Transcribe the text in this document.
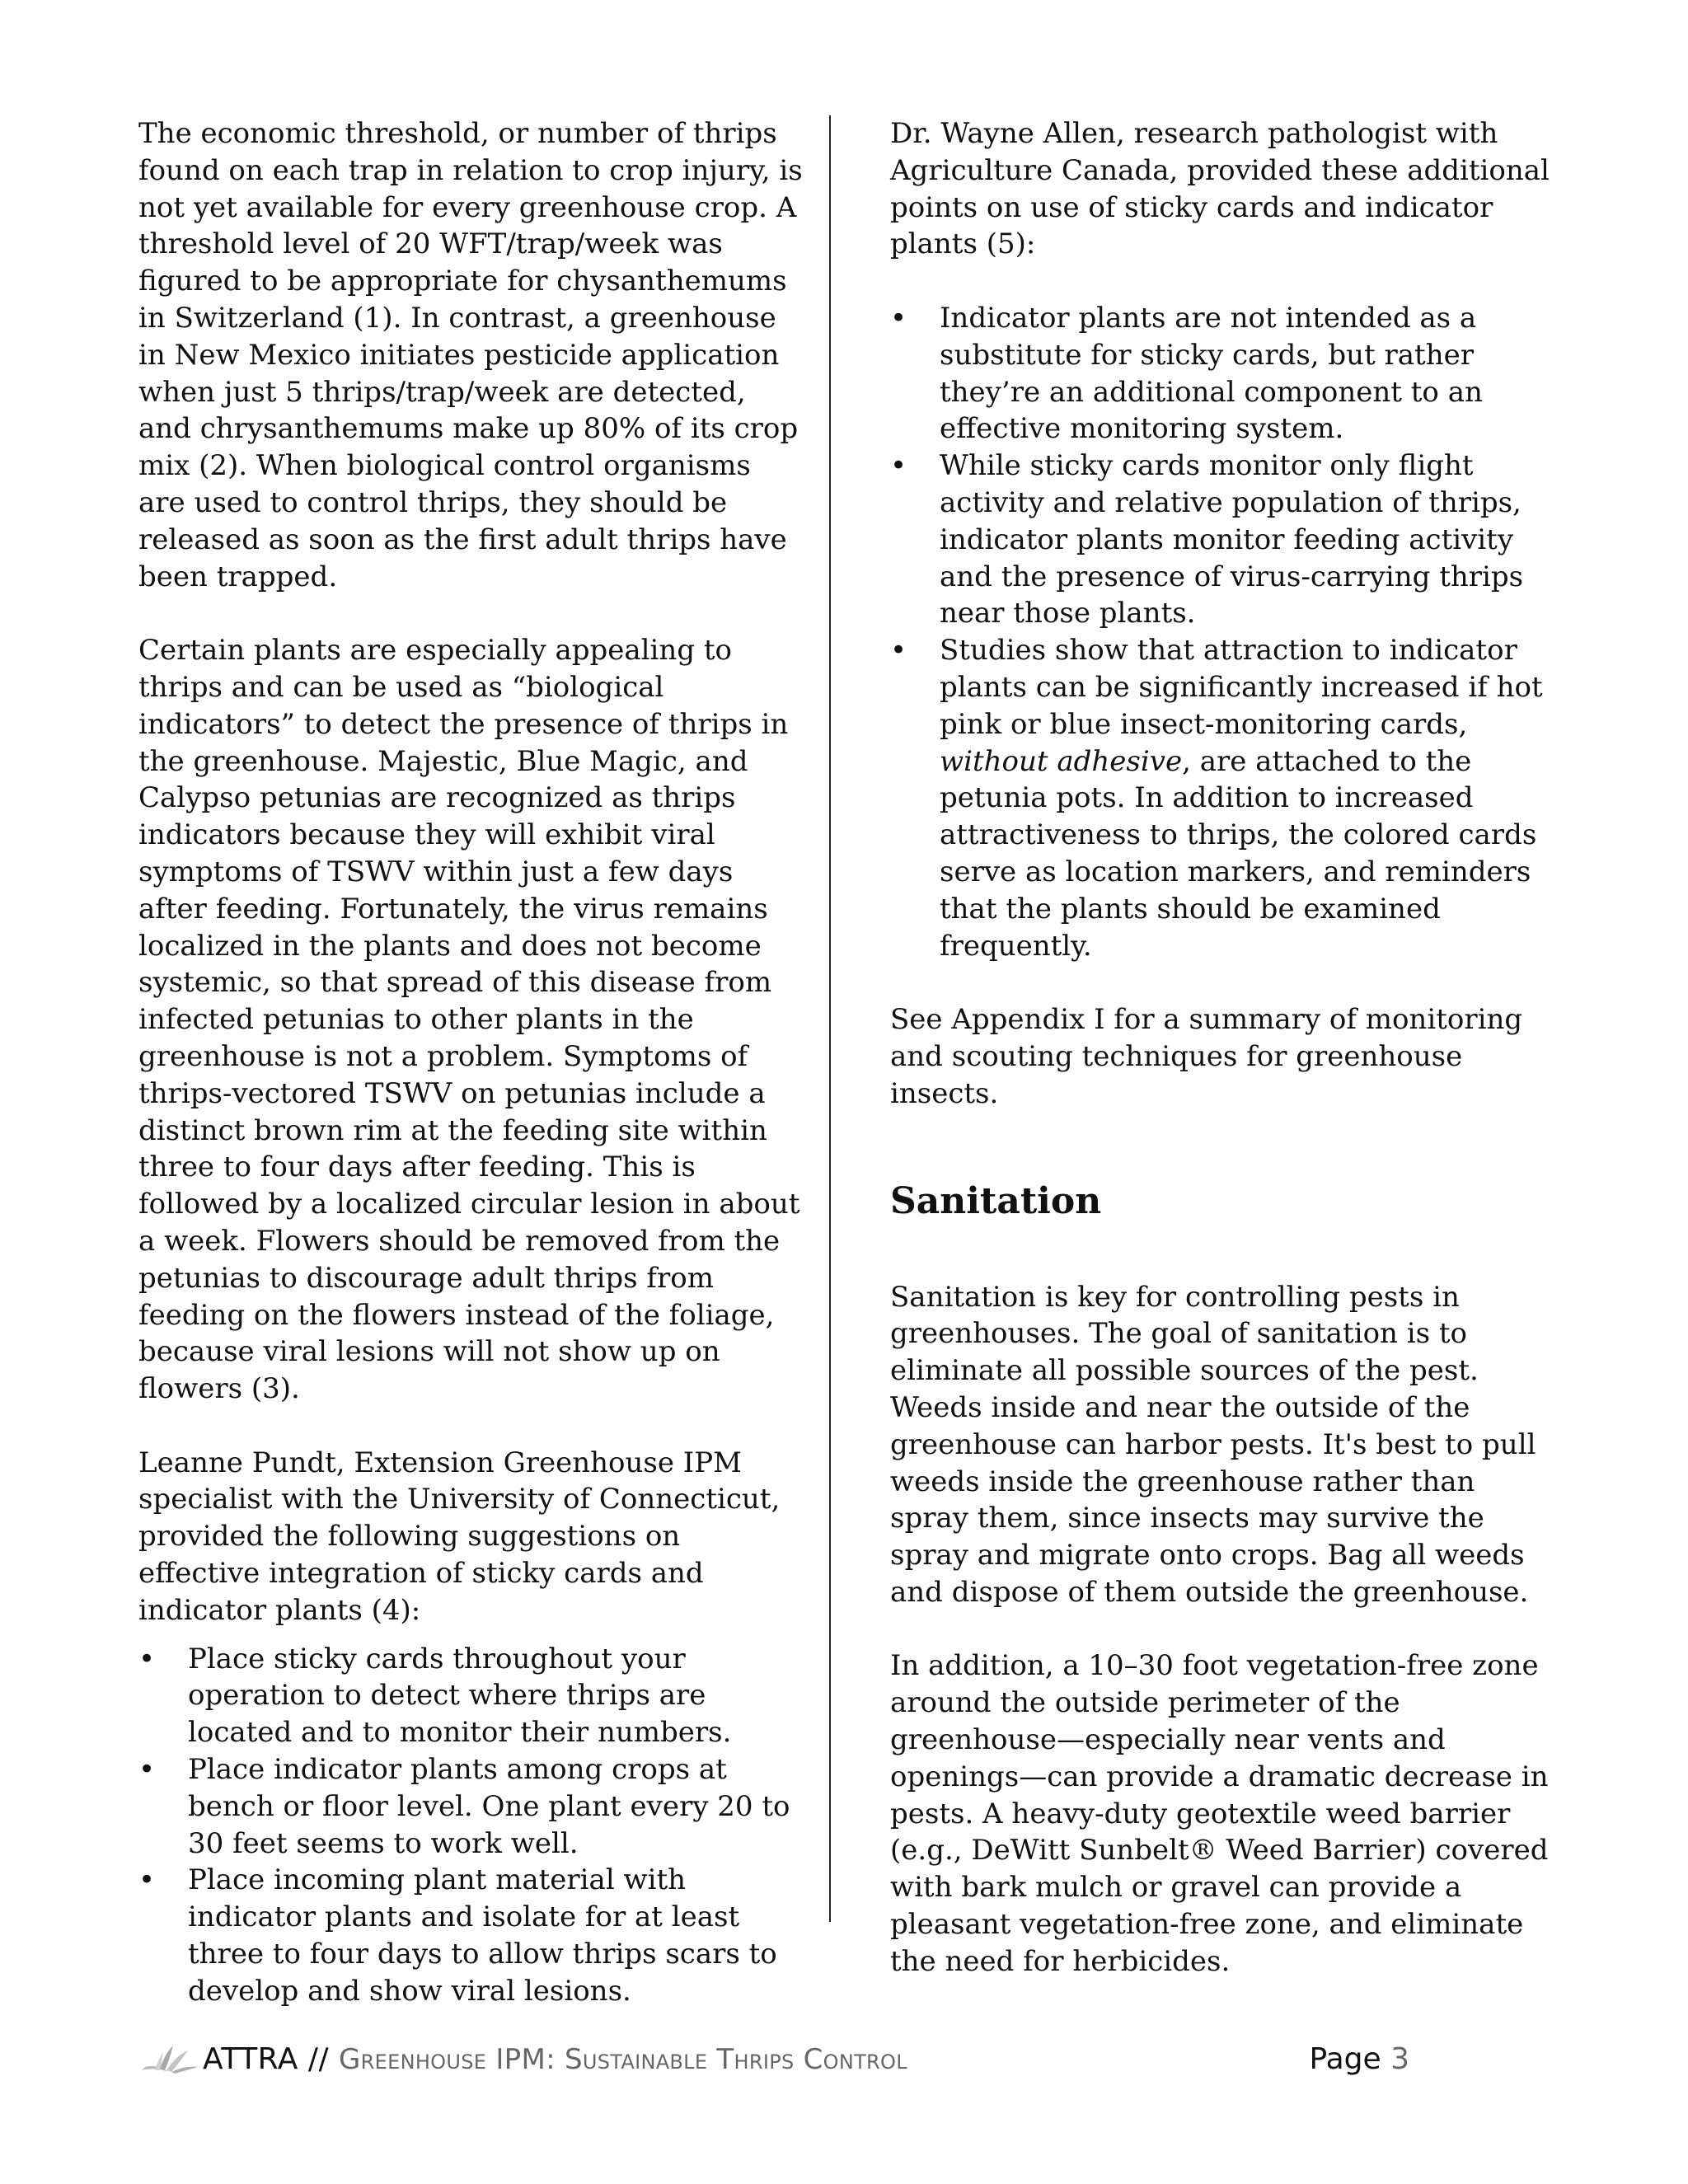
The economic threshold, or number of thrips found on each trap in relation to crop injury, is not yet available for every greenhouse crop. A threshold level of 20 WFT/trap/week was figured to be appropriate for chysanthemums in Switzerland (1). In contrast, a greenhouse in New Mexico initiates pesticide application when just 5 thrips/trap/week are detected, and chrysanthemums make up 80% of its crop mix (2). When biological control organisms are used to control thrips, they should be released as soon as the first adult thrips have been trapped.

Certain plants are especially appealing to thrips and can be used as “biological indicators” to detect the presence of thrips in the greenhouse. Majestic, Blue Magic, and Calypso petunias are recognized as thrips indicators because they will exhibit viral symptoms of TSWV within just a few days after feeding. Fortunately, the virus remains localized in the plants and does not become systemic, so that spread of this disease from infected petunias to other plants in the greenhouse is not a problem. Symptoms of thrips-vectored TSWV on petunias include a distinct brown rim at the feeding site within three to four days after feeding. This is followed by a localized circular lesion in about a week. Flowers should be removed from the petunias to discourage adult thrips from feeding on the flowers instead of the foliage, because viral lesions will not show up on flowers (3).

Leanne Pundt, Extension Greenhouse IPM specialist with the University of Connecticut, provided the following suggestions on effective integration of sticky cards and indicator plants (4):

• Place sticky cards throughout your operation to detect where thrips are located and to monitor their numbers.
• Place indicator plants among crops at bench or floor level. One plant every 20 to 30 feet seems to work well.
• Place incoming plant material with indicator plants and isolate for at least three to four days to allow thrips scars to develop and show viral lesions.

Dr. Wayne Allen, research pathologist with Agriculture Canada, provided these additional points on use of sticky cards and indicator plants (5):

• Indicator plants are not intended as a substitute for sticky cards, but rather they’re an additional component to an effective monitoring system.
• While sticky cards monitor only flight activity and relative population of thrips, indicator plants monitor feeding activity and the presence of virus-carrying thrips near those plants.
• Studies show that attraction to indicator plants can be significantly increased if hot pink or blue insect-monitoring cards, without adhesive, are attached to the petunia pots. In addition to increased attractiveness to thrips, the colored cards serve as location markers, and reminders that the plants should be examined frequently.

See Appendix I for a summary of monitoring and scouting techniques for greenhouse insects.

Sanitation

Sanitation is key for controlling pests in greenhouses. The goal of sanitation is to eliminate all possible sources of the pest. Weeds inside and near the outside of the greenhouse can harbor pests. It's best to pull weeds inside the greenhouse rather than spray them, since insects may survive the spray and migrate onto crops. Bag all weeds and dispose of them outside the greenhouse.

In addition, a 10–30 foot vegetation-free zone around the outside perimeter of the greenhouse—especially near vents and openings—can provide a dramatic decrease in pests. A heavy-duty geotextile weed barrier (e.g., DeWitt Sunbelt® Weed Barrier) covered with bark mulch or gravel can provide a pleasant vegetation-free zone, and eliminate the need for herbicides.

ATTRA // Greenhouse IPM: Sustainable Thrips Control	Page 3
